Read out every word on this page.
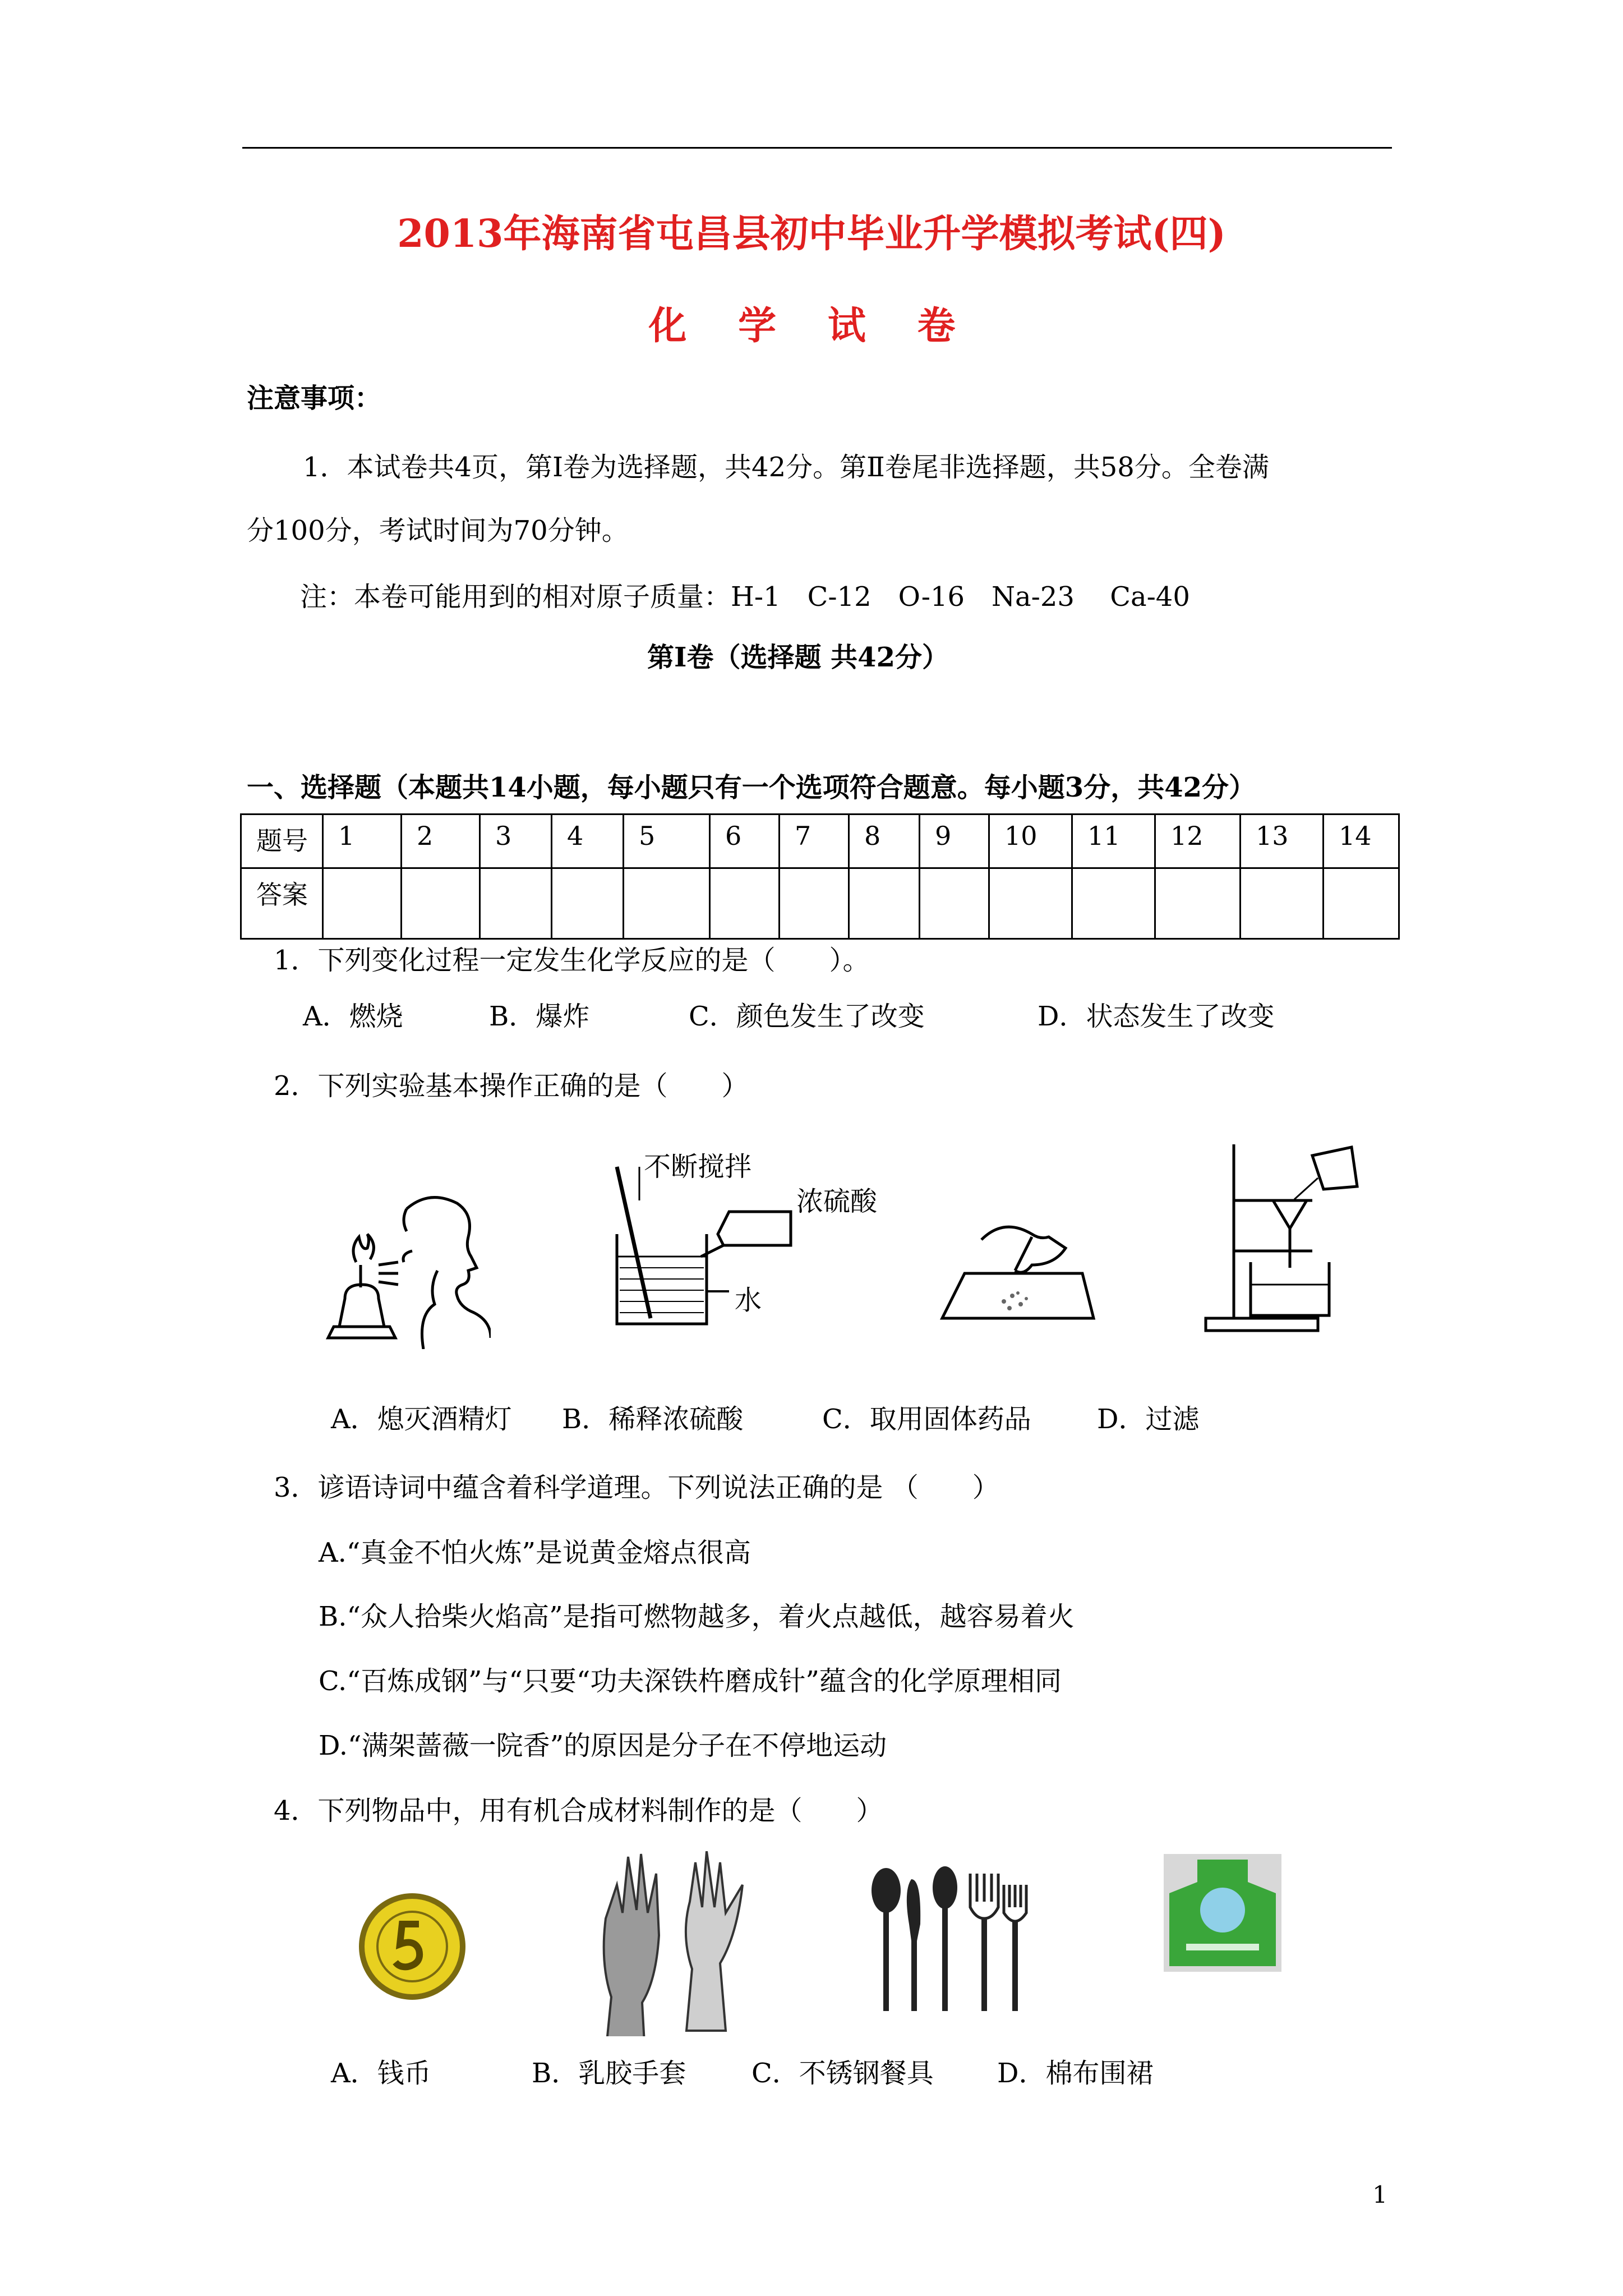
2013年海南省屯昌县初中毕业升学模拟考试(四)
化 学 试 卷
注意事项：
1．本试卷共4页，第Ⅰ卷为选择题，共42分。第Ⅱ卷尾非选择题，共58分。全卷满
分100分，考试时间为70分钟。
注：本卷可能用到的相对原子质量：H-1　C-12　O-16　Na-23　 Ca-40
第Ⅰ卷（选择题 共42分）
一、选择题（本题共14小题，每小题只有一个选项符合题意。每小题3分，共42分）
题号	1	2	3	4	5	6	7	8	9	10	11	12	13	14
答案														
1．下列变化过程一定发生化学反应的是（　　）。
A．燃烧	B．爆炸	C．颜色发生了改变	D．状态发生了改变
2．下列实验基本操作正确的是（　　）
不断搅拌
浓硫酸
水
A．熄灭酒精灯 B．稀释浓硫酸	C．取用固体药品 D．过滤
3．谚语诗词中蕴含着科学道理。下列说法正确的是 （　　）
A.“真金不怕火炼”是说黄金熔点很高
B.“众人拾柴火焰高”是指可燃物越多，着火点越低，越容易着火
C.“百炼成钢”与“只要“功夫深铁杵磨成针”蕴含的化学原理相同
D.“满架蔷薇一院香”的原因是分子在不停地运动
4．下列物品中，用有机合成材料制作的是（　　）
A．钱币	B．乳胶手套 C．不锈钢餐具 D．棉布围裙
1
